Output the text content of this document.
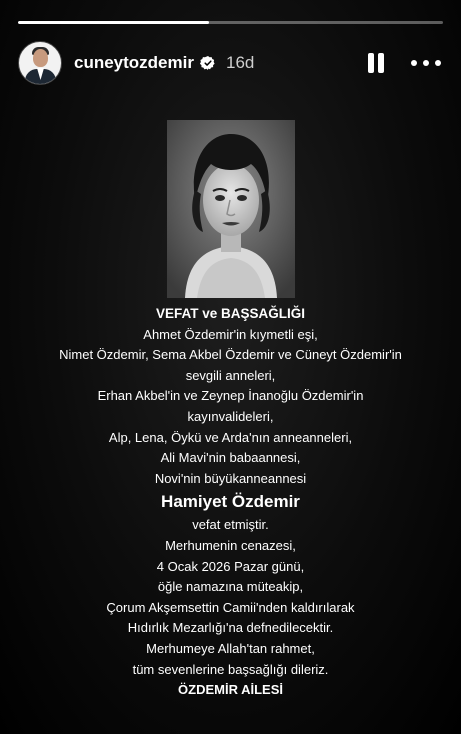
cuneytozdemir 16d
VEFAT ve BAŞSAĞLIĞI
Ahmet Özdemir'in kıymetli eşi,
Nimet Özdemir, Sema Akbel Özdemir ve Cüneyt Özdemir'in
sevgili anneleri,
Erhan Akbel'in ve Zeynep İnanoğlu Özdemir'in
kayınvalideleri,
Alp, Lena, Öykü ve Arda'nın anneanneleri,
Ali Mavi'nin babaannesi,
Novi'nin büyükanneannesi
Hamiyet Özdemir
vefat etmiştir.
Merhumenin cenazesi,
4 Ocak 2026 Pazar günü,
öğle namazına müteakip,
Çorum Akşemsettin Camii'nden kaldırılarak
Hıdırlık Mezarlığı'na defnedilecektir.
Merhumeye Allah'tan rahmet,
tüm sevenlerine başsağlığı dileriz.
ÖZDEMİR AİLESİ
